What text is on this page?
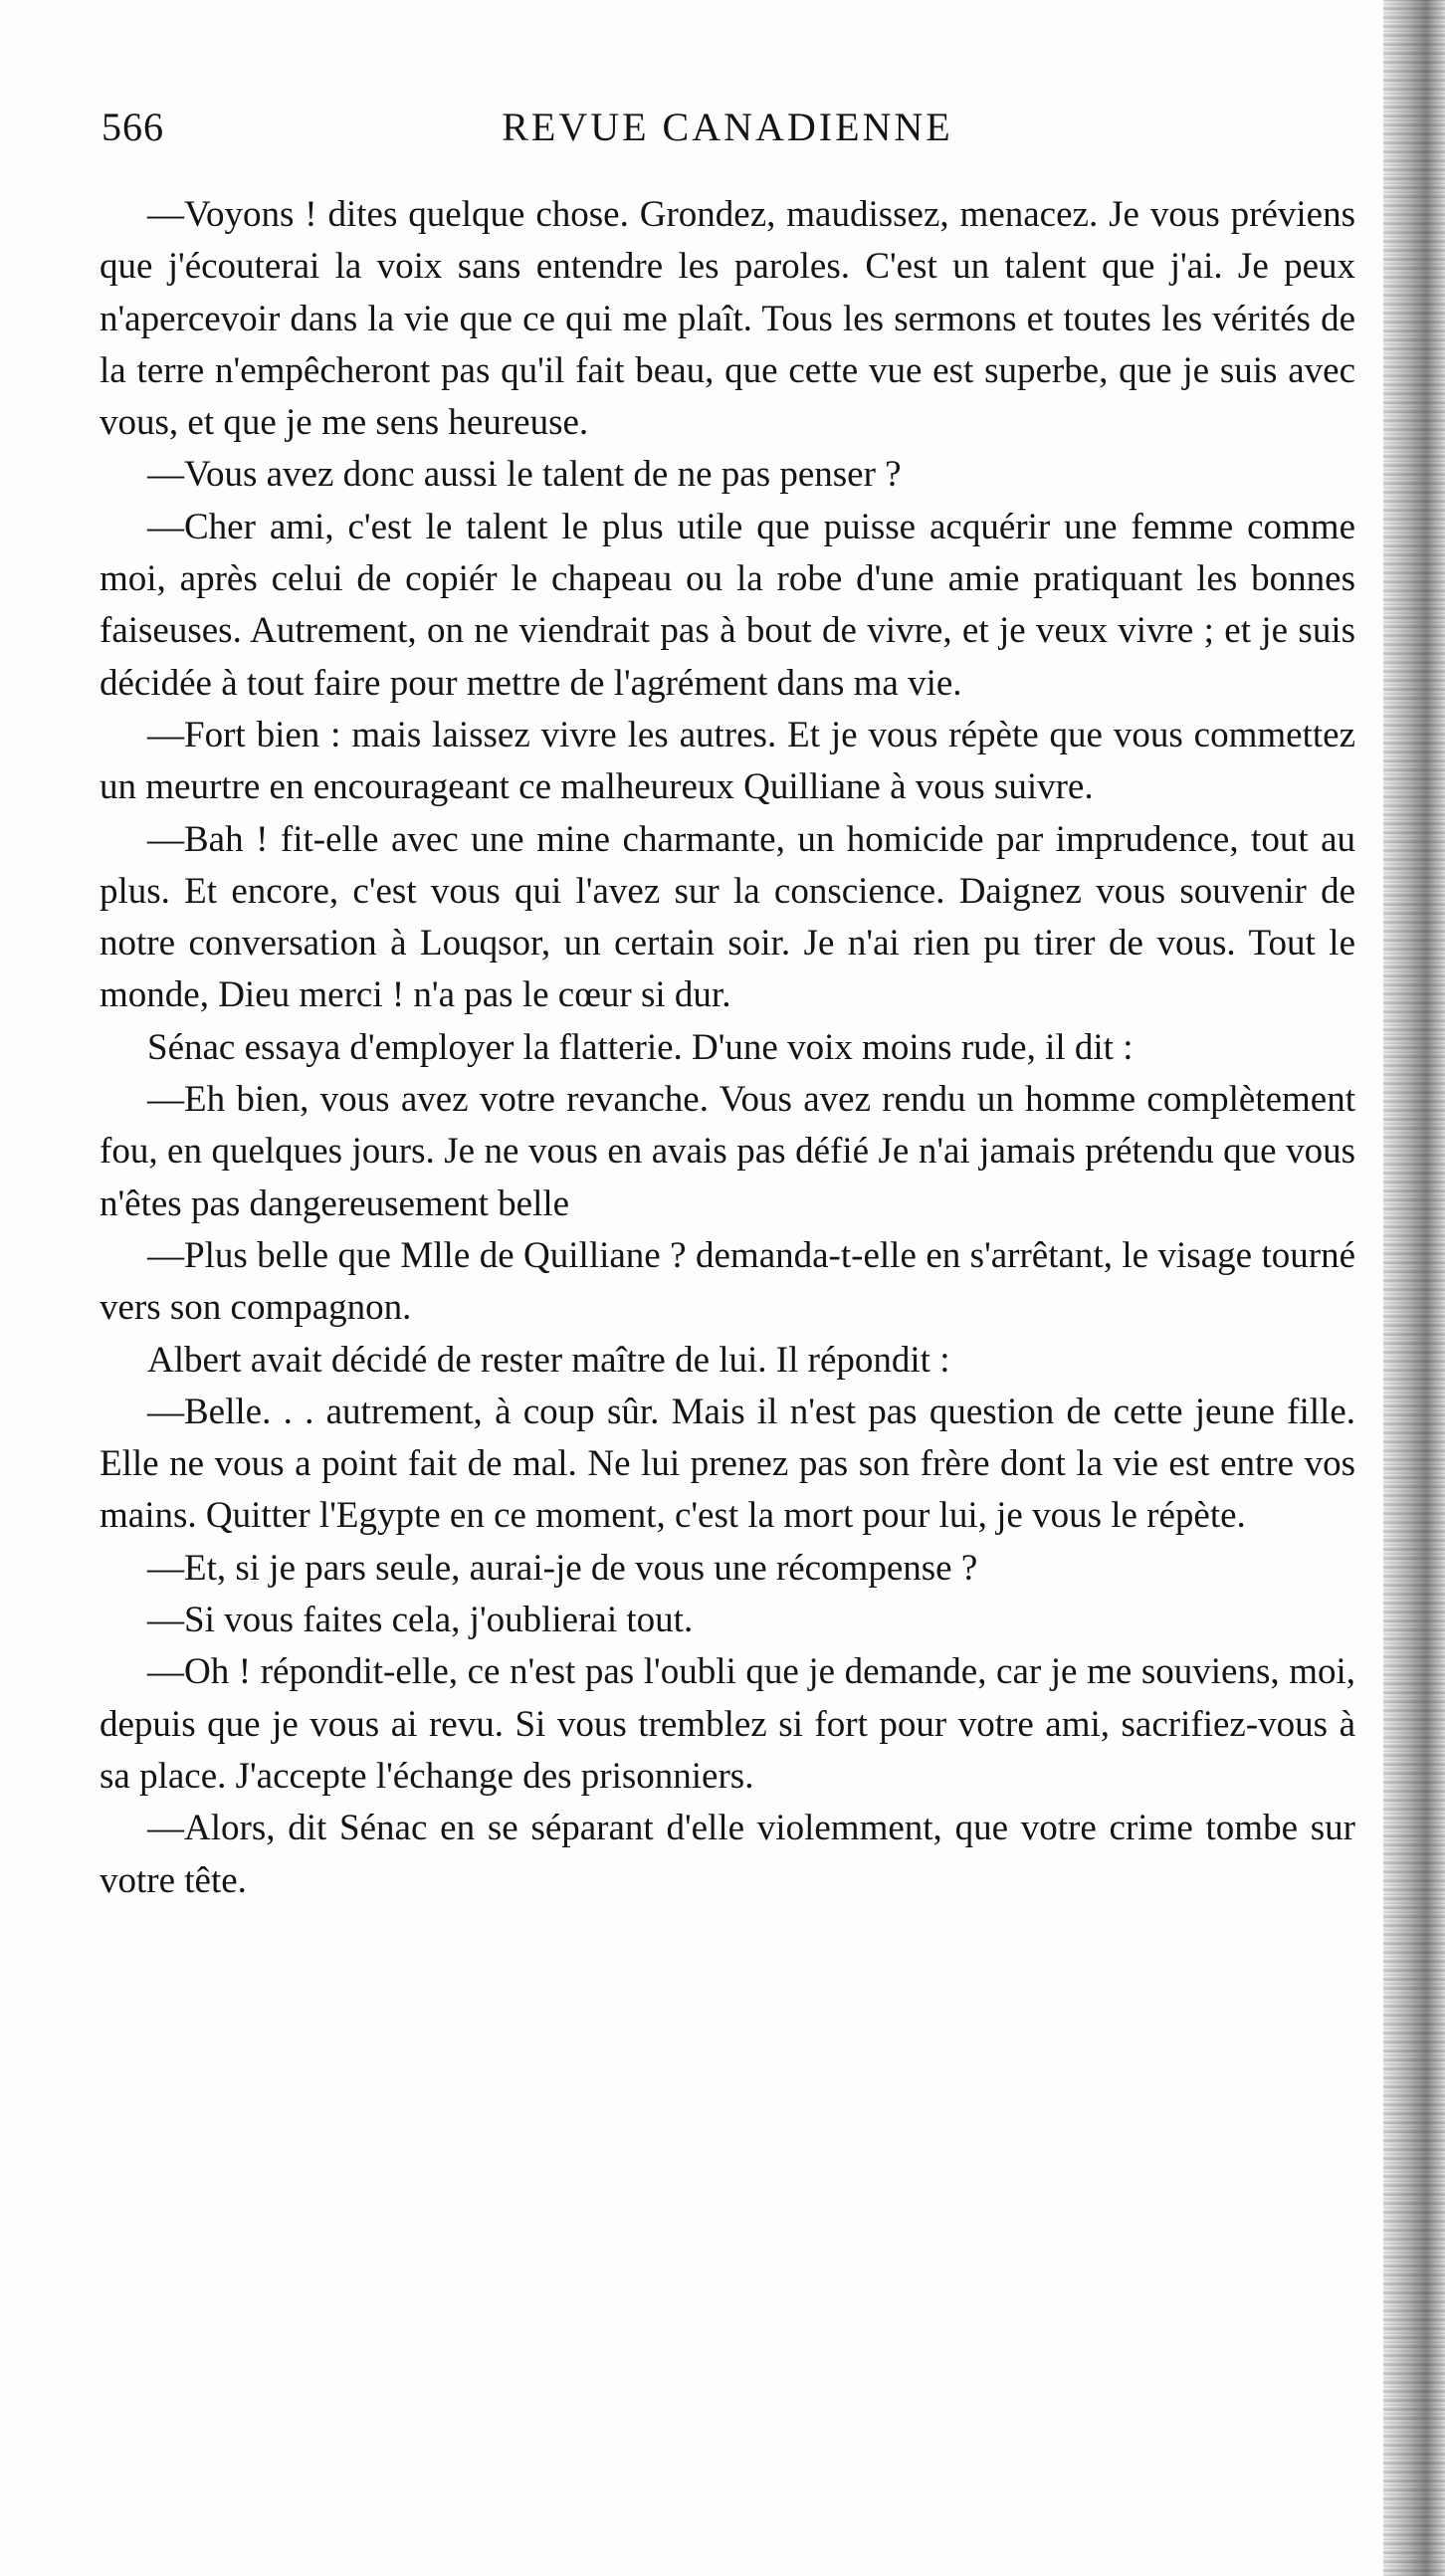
566	REVUE CANADIENNE

—Voyons ! dites quelque chose. Grondez, maudissez, menacez. Je vous préviens que j'écouterai la voix sans entendre les paroles. C'est un talent que j'ai. Je peux n'apercevoir dans la vie que ce qui me plaît. Tous les sermons et toutes les vérités de la terre n'empêcheront pas qu'il fait beau, que cette vue est superbe, que je suis avec vous, et que je me sens heureuse.

—Vous avez donc aussi le talent de ne pas penser ?

—Cher ami, c'est le talent le plus utile que puisse acquérir une femme comme moi, après celui de copiér le chapeau ou la robe d'une amie pratiquant les bonnes faiseuses. Autrement, on ne viendrait pas à bout de vivre, et je veux vivre ; et je suis décidée à tout faire pour mettre de l'agrément dans ma vie.

—Fort bien : mais laissez vivre les autres. Et je vous répète que vous commettez un meurtre en encourageant ce malheureux Quilliane à vous suivre.

—Bah ! fit-elle avec une mine charmante, un homicide par imprudence, tout au plus. Et encore, c'est vous qui l'avez sur la conscience. Daignez vous souvenir de notre conversation à Louqsor, un certain soir. Je n'ai rien pu tirer de vous. Tout le monde, Dieu merci ! n'a pas le cœur si dur.

Sénac essaya d'employer la flatterie. D'une voix moins rude, il dit :

—Eh bien, vous avez votre revanche. Vous avez rendu un homme complètement fou, en quelques jours. Je ne vous en avais pas défié Je n'ai jamais prétendu que vous n'êtes pas dangereusement belle

—Plus belle que Mlle de Quilliane ? demanda-t-elle en s'arrêtant, le visage tourné vers son compagnon.

Albert avait décidé de rester maître de lui. Il répondit :

—Belle. . . autrement, à coup sûr. Mais il n'est pas question de cette jeune fille. Elle ne vous a point fait de mal. Ne lui prenez pas son frère dont la vie est entre vos mains. Quitter l'Egypte en ce moment, c'est la mort pour lui, je vous le répète.

—Et, si je pars seule, aurai-je de vous une récompense ?

—Si vous faites cela, j'oublierai tout.

—Oh ! répondit-elle, ce n'est pas l'oubli que je demande, car je me souviens, moi, depuis que je vous ai revu. Si vous tremblez si fort pour votre ami, sacrifiez-vous à sa place. J'accepte l'échange des prisonniers.

—Alors, dit Sénac en se séparant d'elle violemment, que votre crime tombe sur votre tête.
